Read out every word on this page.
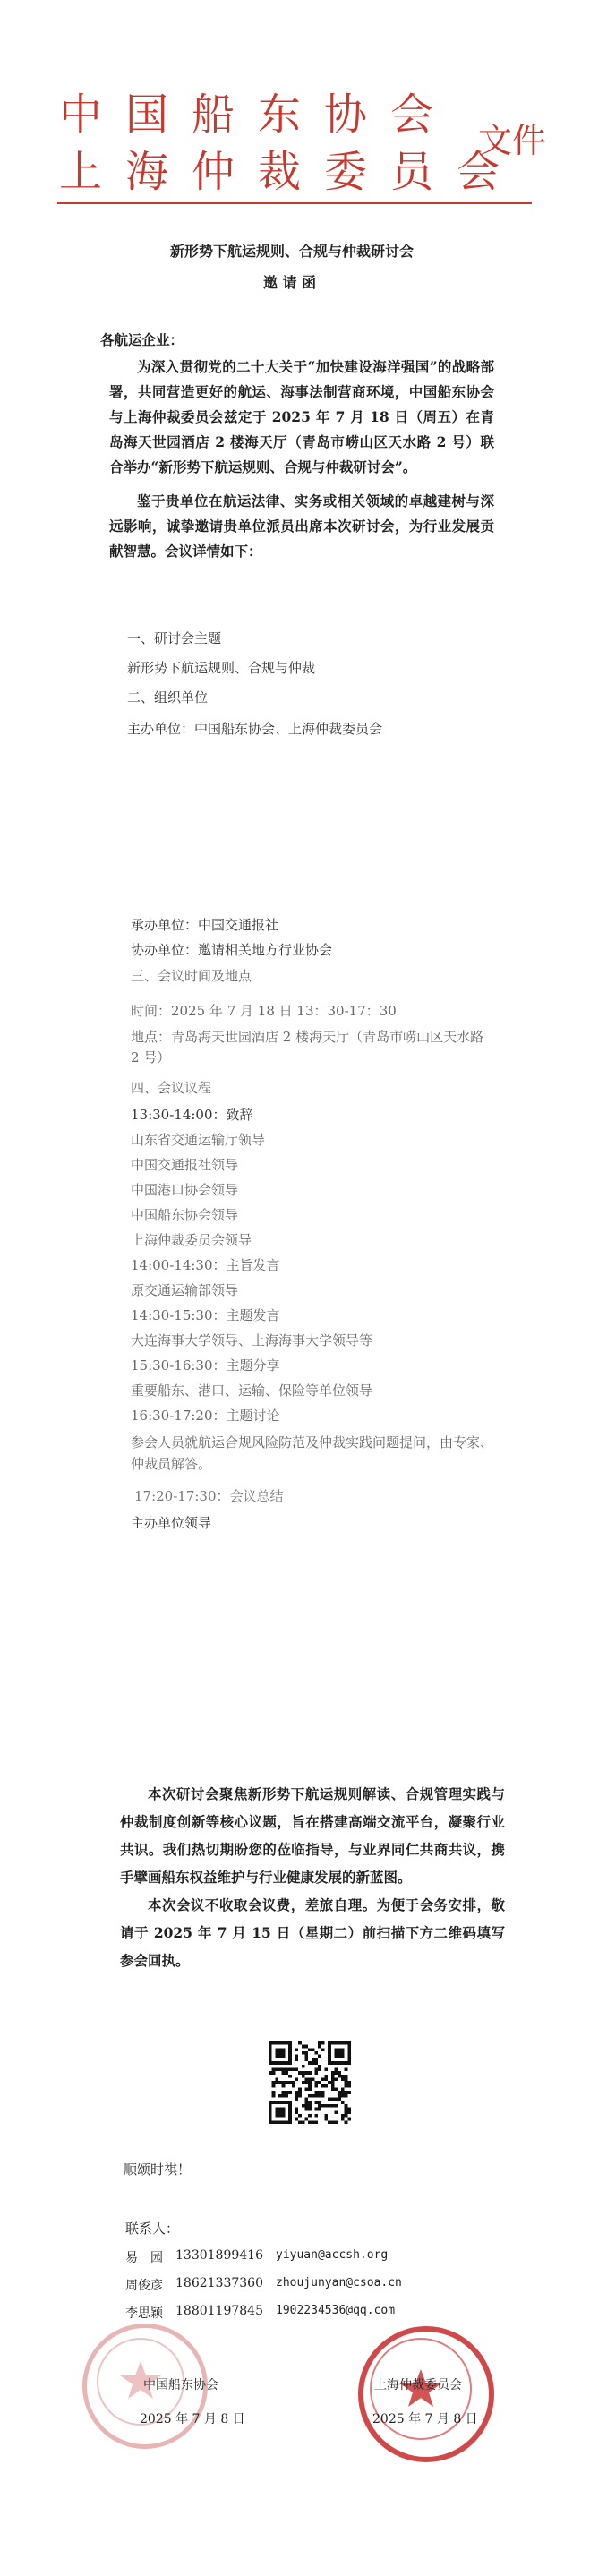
中国船东协会
上海仲裁委员会
文件
新形势下航运规则、合规与仲裁研讨会
邀 请 函
各航运企业：

为深入贯彻党的二十大关于“加快建设海洋强国”的战略部署，共同营造更好的航运、海事法制营商环境，中国船东协会与上海仲裁委员会兹定于 2025 年 7 月 18 日（周五）在青岛海天世园酒店 2 楼海天厅（青岛市崂山区天水路 2 号）联合举办“新形势下航运规则、合规与仲裁研讨会”。

鉴于贵单位在航运法律、实务或相关领域的卓越建树与深远影响，诚挚邀请贵单位派员出席本次研讨会，为行业发展贡献智慧。会议详情如下：

一、研讨会主题
新形势下航运规则、合规与仲裁
二、组织单位
主办单位：中国船东协会、上海仲裁委员会
承办单位：中国交通报社
协办单位：邀请相关地方行业协会
三、会议时间及地点
时间：2025 年 7 月 18 日 13：30-17：30
地点：青岛海天世园酒店 2 楼海天厅（青岛市崂山区天水路
2 号）
四、会议议程
13:30-14:00：致辞
山东省交通运输厅领导
中国交通报社领导
中国港口协会领导
中国船东协会领导
上海仲裁委员会领导
14:00-14:30：主旨发言
原交通运输部领导
14:30-15:30：主题发言
大连海事大学领导、上海海事大学领导等
15:30-16:30：主题分享
重要船东、港口、运输、保险等单位领导
16:30-17:20：主题讨论
参会人员就航运合规风险防范及仲裁实践问题提问，由专家、
仲裁员解答。
17:20-17:30：会议总结
主办单位领导

本次研讨会聚焦新形势下航运规则解读、合规管理实践与仲裁制度创新等核心议题，旨在搭建高端交流平台，凝聚行业共识。我们热切期盼您的莅临指导，与业界同仁共商共议，携手擘画船东权益维护与行业健康发展的新蓝图。

本次会议不收取会议费，差旅自理。为便于会务安排，敬请于 2025 年 7 月 15 日（星期二）前扫描下方二维码填写参会回执。

顺颂时祺！
联系人：
易　园 13301899416 yiyuan@accsh.org
周俊彦 18621337360 zhoujunyan@csoa.cn
李思颖 18801197845 1902234536@qq.com
中国船东协会
2025 年 7 月 8 日
上海仲裁委员会
2025 年 7 月 8 日
